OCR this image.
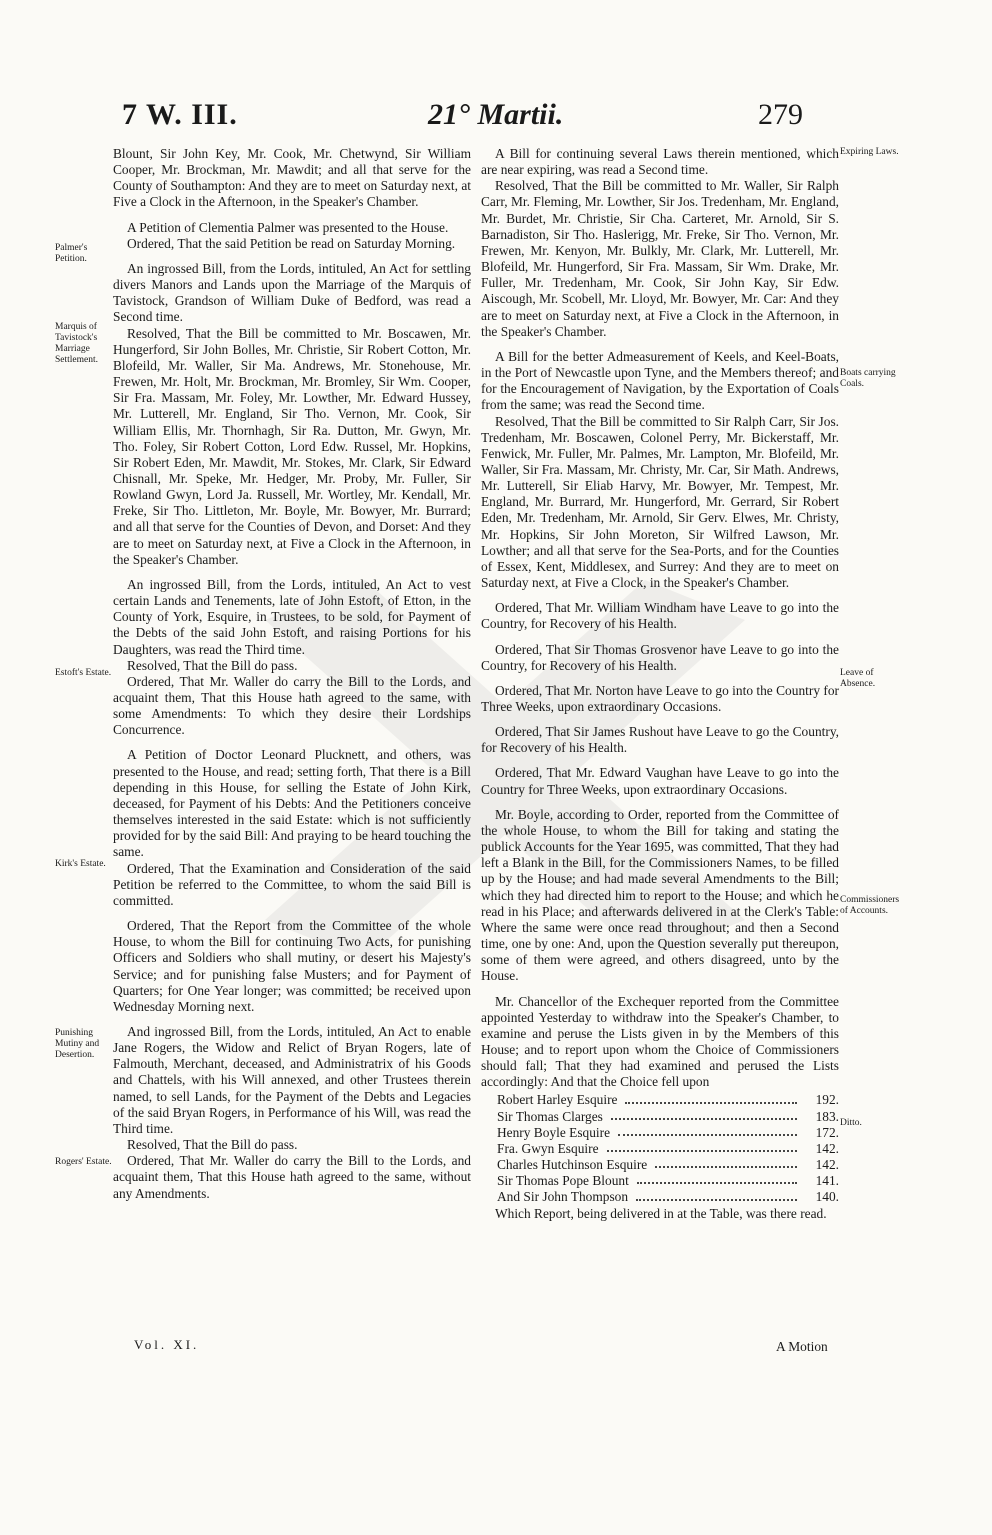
7 W. III.	21° Martii.	279
Palmer's Petition.
Marquis of Tavistock's Marriage Settlement.
Estoft's Estate.
Kirk's Estate.
Punishing Mutiny and Desertion.
Rogers' Estate.
Expiring Laws.
Boats carrying Coals.
Leave of Absence.
Commissioners of Accounts.
Ditto.

Blount, Sir John Key, Mr. Cook, Mr. Chetwynd, Sir William Cooper, Mr. Brockman, Mr. Mawdit; and all that serve for the County of Southampton: And they are to meet on Saturday next, at Five a Clock in the Afternoon, in the Speaker's Chamber.

A Petition of Clementia Palmer was presented to the House.

Ordered, That the said Petition be read on Saturday Morning.

An ingrossed Bill, from the Lords, intituled, An Act for settling divers Manors and Lands upon the Marriage of the Marquis of Tavistock, Grandson of William Duke of Bedford, was read a Second time.

Resolved, That the Bill be committed to Mr. Boscawen, Mr. Hungerford, Sir John Bolles, Mr. Christie, Sir Robert Cotton, Mr. Blofeild, Mr. Waller, Sir Ma. Andrews, Mr. Stonehouse, Mr. Frewen, Mr. Holt, Mr. Brockman, Mr. Bromley, Sir Wm. Cooper, Sir Fra. Massam, Mr. Foley, Mr. Lowther, Mr. Edward Hussey, Mr. Lutterell, Mr. England, Sir Tho. Vernon, Mr. Cook, Sir William Ellis, Mr. Thornhagh, Sir Ra. Dutton, Mr. Gwyn, Mr. Tho. Foley, Sir Robert Cotton, Lord Edw. Russel, Mr. Hopkins, Sir Robert Eden, Mr. Mawdit, Mr. Stokes, Mr. Clark, Sir Edward Chisnall, Mr. Speke, Mr. Hedger, Mr. Proby, Mr. Fuller, Sir Rowland Gwyn, Lord Ja. Russell, Mr. Wortley, Mr. Kendall, Mr. Freke, Sir Tho. Littleton, Mr. Boyle, Mr. Bowyer, Mr. Burrard; and all that serve for the Counties of Devon, and Dorset: And they are to meet on Saturday next, at Five a Clock in the Afternoon, in the Speaker's Chamber.

An ingrossed Bill, from the Lords, intituled, An Act to vest certain Lands and Tenements, late of John Estoft, of Etton, in the County of York, Esquire, in Trustees, to be sold, for Payment of the Debts of the said John Estoft, and raising Portions for his Daughters, was read the Third time.

Resolved, That the Bill do pass.

Ordered, That Mr. Waller do carry the Bill to the Lords, and acquaint them, That this House hath agreed to the same, with some Amendments: To which they desire their Lordships Concurrence.

A Petition of Doctor Leonard Plucknett, and others, was presented to the House, and read; setting forth, That there is a Bill depending in this House, for selling the Estate of John Kirk, deceased, for Payment of his Debts: And the Petitioners conceive themselves interested in the said Estate: which is not sufficiently provided for by the said Bill: And praying to be heard touching the same.

Ordered, That the Examination and Consideration of the said Petition be referred to the Committee, to whom the said Bill is committed.

Ordered, That the Report from the Committee of the whole House, to whom the Bill for continuing Two Acts, for punishing Officers and Soldiers who shall mutiny, or desert his Majesty's Service; and for punishing false Musters; and for Payment of Quarters; for One Year longer; was committed; be received upon Wednesday Morning next.

And ingrossed Bill, from the Lords, intituled, An Act to enable Jane Rogers, the Widow and Relict of Bryan Rogers, late of Falmouth, Merchant, deceased, and Administratrix of his Goods and Chattels, with his Will annexed, and other Trustees therein named, to sell Lands, for the Payment of the Debts and Legacies of the said Bryan Rogers, in Performance of his Will, was read the Third time.

Resolved, That the Bill do pass.

Ordered, That Mr. Waller do carry the Bill to the Lords, and acquaint them, That this House hath agreed to the same, without any Amendments.

A Bill for continuing several Laws therein mentioned, which are near expiring, was read a Second time.

Resolved, That the Bill be committed to Mr. Waller, Sir Ralph Carr, Mr. Fleming, Mr. Lowther, Sir Jos. Tredenham, Mr. England, Mr. Burdet, Mr. Christie, Sir Cha. Carteret, Mr. Arnold, Sir S. Barnadiston, Sir Tho. Haslerigg, Mr. Freke, Sir Tho. Vernon, Mr. Frewen, Mr. Kenyon, Mr. Bulkly, Mr. Clark, Mr. Lutterell, Mr. Blofeild, Mr. Hungerford, Sir Fra. Massam, Sir Wm. Drake, Mr. Fuller, Mr. Tredenham, Mr. Cook, Sir John Kay, Sir Edw. Aiscough, Mr. Scobell, Mr. Lloyd, Mr. Bowyer, Mr. Car: And they are to meet on Saturday next, at Five a Clock in the Afternoon, in the Speaker's Chamber.

A Bill for the better Admeasurement of Keels, and Keel-Boats, in the Port of Newcastle upon Tyne, and the Members thereof; and for the Encouragement of Navigation, by the Exportation of Coals from the same; was read the Second time.

Resolved, That the Bill be committed to Sir Ralph Carr, Sir Jos. Tredenham, Mr. Boscawen, Colonel Perry, Mr. Bickerstaff, Mr. Fenwick, Mr. Fuller, Mr. Palmes, Mr. Lampton, Mr. Blofeild, Mr. Waller, Sir Fra. Massam, Mr. Christy, Mr. Car, Sir Math. Andrews, Mr. Lutterell, Sir Eliab Harvy, Mr. Bowyer, Mr. Tempest, Mr. England, Mr. Burrard, Mr. Hungerford, Mr. Gerrard, Sir Robert Eden, Mr. Tredenham, Mr. Arnold, Sir Gerv. Elwes, Mr. Christy, Mr. Hopkins, Sir John Moreton, Sir Wilfred Lawson, Mr. Lowther; and all that serve for the Sea-Ports, and for the Counties of Essex, Kent, Middlesex, and Surrey: And they are to meet on Saturday next, at Five a Clock, in the Speaker's Chamber.

Ordered, That Mr. William Windham have Leave to go into the Country, for Recovery of his Health.

Ordered, That Sir Thomas Grosvenor have Leave to go into the Country, for Recovery of his Health.

Ordered, That Mr. Norton have Leave to go into the Country for Three Weeks, upon extraordinary Occasions.

Ordered, That Sir James Rushout have Leave to go the Country, for Recovery of his Health.

Ordered, That Mr. Edward Vaughan have Leave to go into the Country for Three Weeks, upon extraordinary Occasions.

Mr. Boyle, according to Order, reported from the Committee of the whole House, to whom the Bill for taking and stating the publick Accounts for the Year 1695, was committed, That they had left a Blank in the Bill, for the Commissioners Names, to be filled up by the House; and had made several Amendments to the Bill; which they had directed him to report to the House; and which he read in his Place; and afterwards delivered in at the Clerk's Table: Where the same were once read throughout; and then a Second time, one by one: And, upon the Question severally put thereupon, some of them were agreed, and others disagreed, unto by the House.

Mr. Chancellor of the Exchequer reported from the Committee appointed Yesterday to withdraw into the Speaker's Chamber, to examine and peruse the Lists given in by the Members of this House; and to report upon whom the Choice of Commissioners should fall; That they had examined and perused the Lists accordingly: And that the Choice fell upon

Robert Harley Esquire	192.
Sir Thomas Clarges	183.
Henry Boyle Esquire	172.
Fra. Gwyn Esquire	142.
Charles Hutchinson Esquire	142.
Sir Thomas Pope Blount	141.
And Sir John Thompson	140.

Which Report, being delivered in at the Table, was there read.

Vol. XI.	A Motion
